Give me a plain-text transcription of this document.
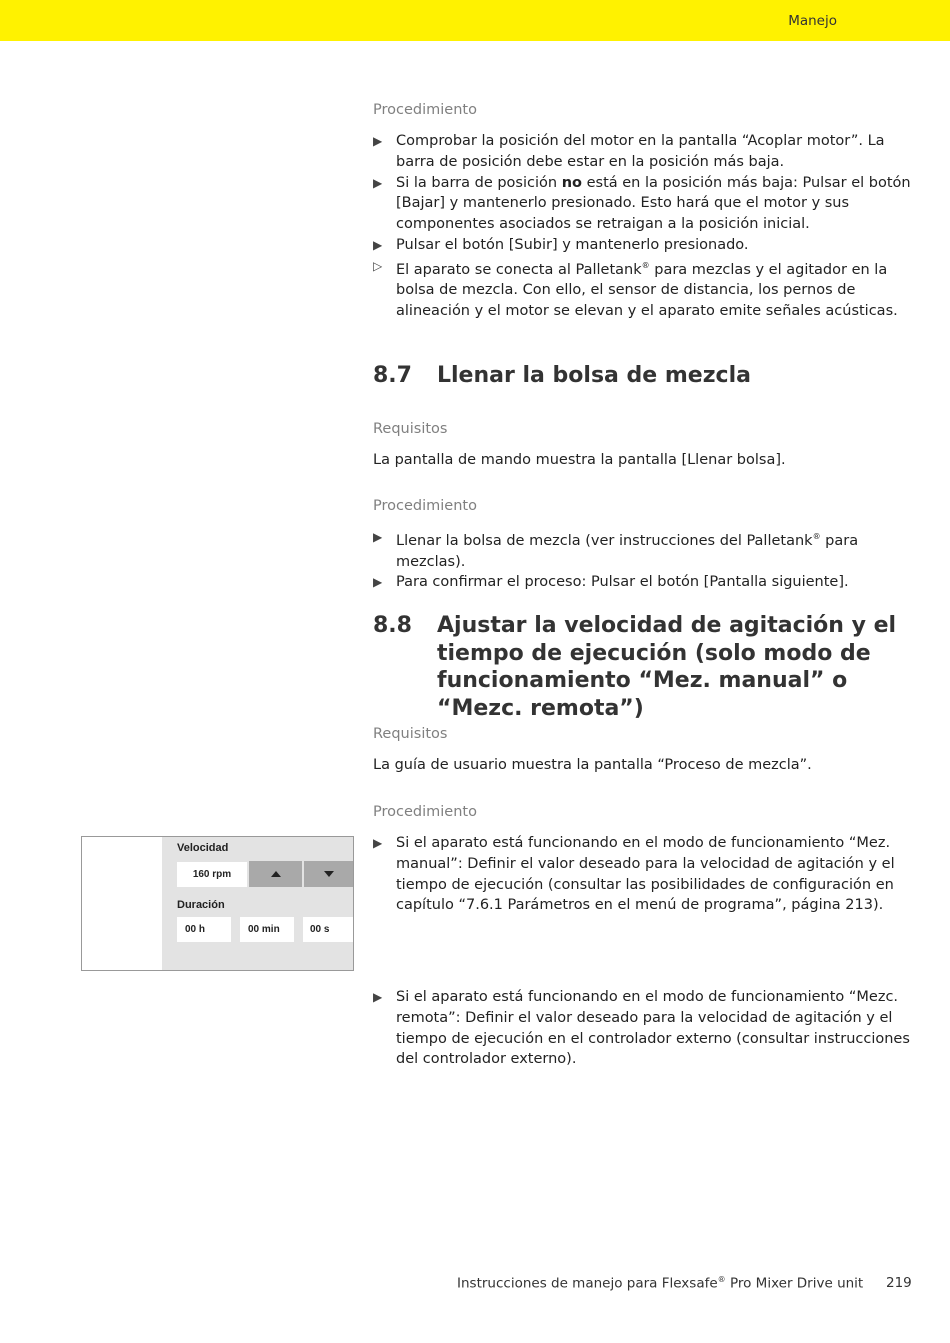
Manejo

Procedimiento

▶ Comprobar la posición del motor en la pantalla “Acoplar motor”. La barra de posición debe estar en la posición más baja.
▶ Si la barra de posición no está en la posición más baja: Pulsar el botón [Bajar] y mantenerlo presionado. Esto hará que el motor y sus componentes asociados se retraigan a la posición inicial.
▶ Pulsar el botón [Subir] y mantenerlo presionado.
▷ El aparato se conecta al Palletank® para mezclas y el agitador en la bolsa de mezcla. Con ello, el sensor de distancia, los pernos de alineación y el motor se elevan y el aparato emite señales acústicas.
8.7 Llenar la bolsa de mezcla

Requisitos

La pantalla de mando muestra la pantalla [Llenar bolsa].

Procedimiento

▶ Llenar la bolsa de mezcla (ver instrucciones del Palletank® para mezclas).
▶ Para confirmar el proceso: Pulsar el botón [Pantalla siguiente].
8.8 Ajustar la velocidad de agitación y el tiempo de ejecución (solo modo de funcionamiento “Mez. manual” o “Mezc. remota”)

Requisitos

La guía de usuario muestra la pantalla “Proceso de mezcla”.

Procedimiento

▶ Si el aparato está funcionando en el modo de funcionamiento “Mez. manual”: Definir el valor deseado para la velocidad de agitación y el tiempo de ejecución (consultar las posibilidades de configuración en capítulo “7.6.1 Parámetros en el menú de programa”, página 213).
▶ Si el aparato está funcionando en el modo de funcionamiento “Mezc. remota”: Definir el valor deseado para la velocidad de agitación y el tiempo de ejecución en el controlador externo (consultar instrucciones del controlador externo).
Velocidad
160 rpm
Duración
00 h	00 min	00 s
Instrucciones de manejo para Flexsafe® Pro Mixer Drive unit 219
